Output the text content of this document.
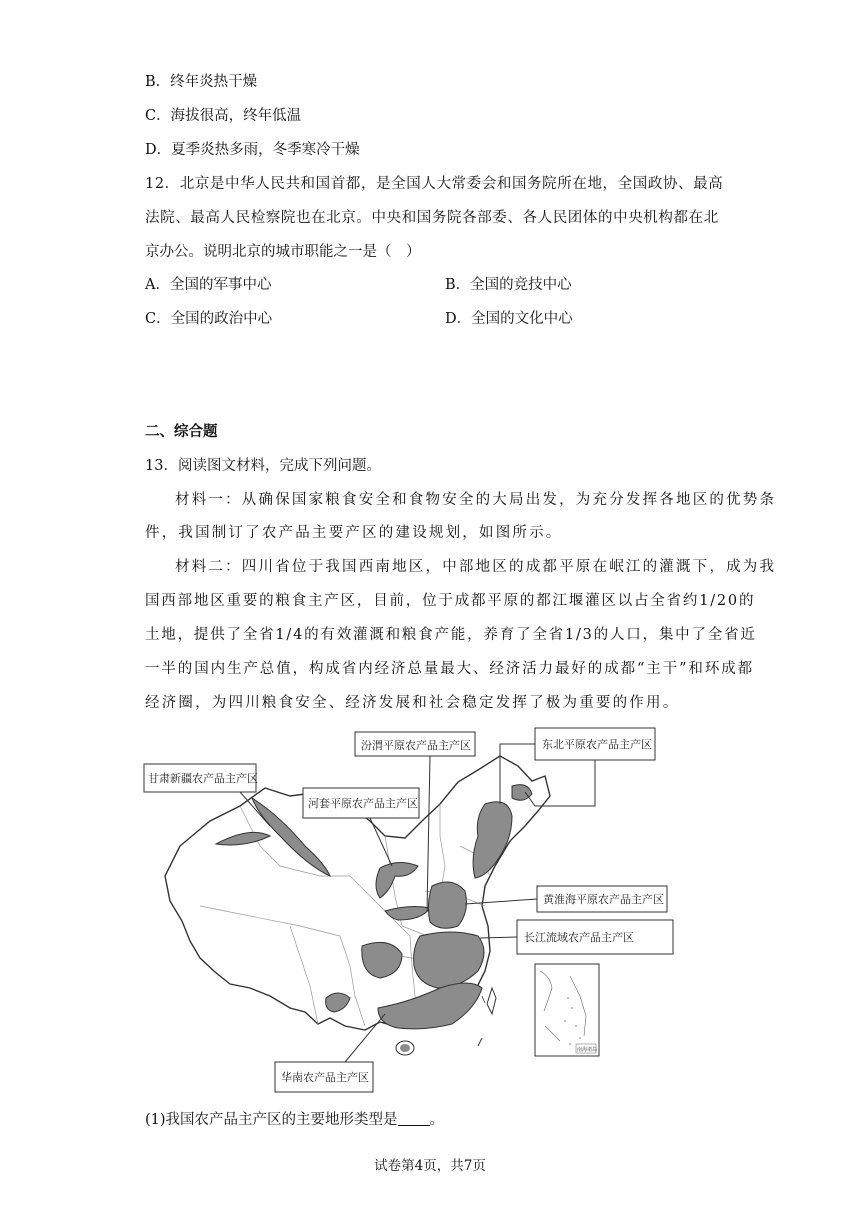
B．终年炎热干燥
C．海拔很高，终年低温
D．夏季炎热多雨，冬季寒冷干燥
12．北京是中华人民共和国首都，是全国人大常委会和国务院所在地，全国政协、最高
法院、最高人民检察院也在北京。中央和国务院各部委、各人民团体的中央机构都在北
京办公。说明北京的城市职能之一是（　）
A．全国的军事中心	B．全国的竞技中心
C．全国的政治中心	D．全国的文化中心
二、综合题
13．阅读图文材料，完成下列问题。
材料一：从确保国家粮食安全和食物安全的大局出发，为充分发挥各地区的优势条
件，我国制订了农产品主要产区的建设规划，如图所示。
材料二：四川省位于我国西南地区，中部地区的成都平原在岷江的灌溉下，成为我
国西部地区重要的粮食主产区，目前，位于成都平原的都江堰灌区以占全省约1/20的
土地，提供了全省1/4的有效灌溉和粮食产能，养育了全省1/3的人口，集中了全省近
一半的国内生产总值，构成省内经济总量最大、经济活力最好的成都“主干”和环成都
经济圈，为四川粮食安全、经济发展和社会稳定发挥了极为重要的作用。
汾渭平原农产品主产区	东北平原农产品主产区
甘肃新疆农产品主产区
河套平原农产品主产区
黄淮海平原农产品主产区
长江流域农产品主产区
华南农产品主产区
南海诸岛
(1)我国农产品主产区的主要地形类型是 。
试卷第4页，共7页
